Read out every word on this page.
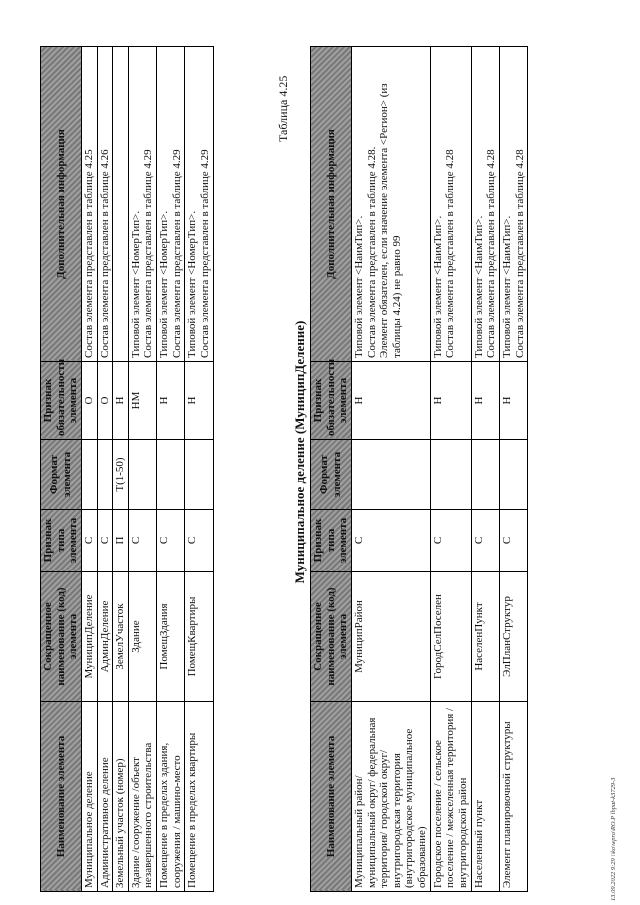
Наименование элемента	Сокращенное наименование (код) элемента	Признак типа элемента	Формат элемента	Признак обязательности элемента	Дополнительная информация
Муниципальное деление	МуниципДеление	С		О	Состав элемента представлен в таблице 4.25

Административное деление	АдминДеление	С		О	Состав элемента представлен в таблице 4.26

Земельный участок (номер)	ЗемелУчасток	П	T(1-50)	Н	

Здание /сооружение /объект незавершенного строительства	Здание	С		НМ	Типовой элемент <НомерТип>. Состав элемента представлен в таблице 4.29

Помещение в пределах здания, сооружения / машино-место	ПомещЗдания	С		Н	Типовой элемент <НомерТип>. Состав элемента представлен в таблице 4.29

Помещение в пределах квартиры	ПомещКвартиры	С		Н	Типовой элемент <НомерТип>. Состав элемента представлен в таблице 4.29
Таблица 4.25
Муниципальное деление (МуниципДеление)
Наименование элемента	Сокращенное наименование (код) элемента	Признак типа элемента	Формат элемента	Признак обязательности элемента	Дополнительная информация
Муниципальный район/ муниципальный округ/ федеральная территория/ городской округ/ внутригородская территория (внутригородское муниципальное образование)	МуниципРайон	С		Н	Типовой элемент <НаимТип>. Состав элемента представлен в таблице 4.28. Элемент обязателен, если значение элемента <Регион> (из таблицы 4.24) не равно 99

Городское поселение / сельское поселение / межселенная территория / внутригородской район	ГородСелПоселен	С		Н	Типовой элемент <НаимТип>. Состав элемента представлен в таблице 4.28

Населенный пункт	НаселенПункт	С		Н	Типовой элемент <НаимТип>. Состав элемента представлен в таблице 4.28

Элемент планировочной структуры	ЭлПланСтруктур	С		Н	Типовой элемент <НаимТип>. Состав элемента представлен в таблице 4.28
13.09.2022 9:29 \\ko\wpro\RO.P lbpat-k3729-3
